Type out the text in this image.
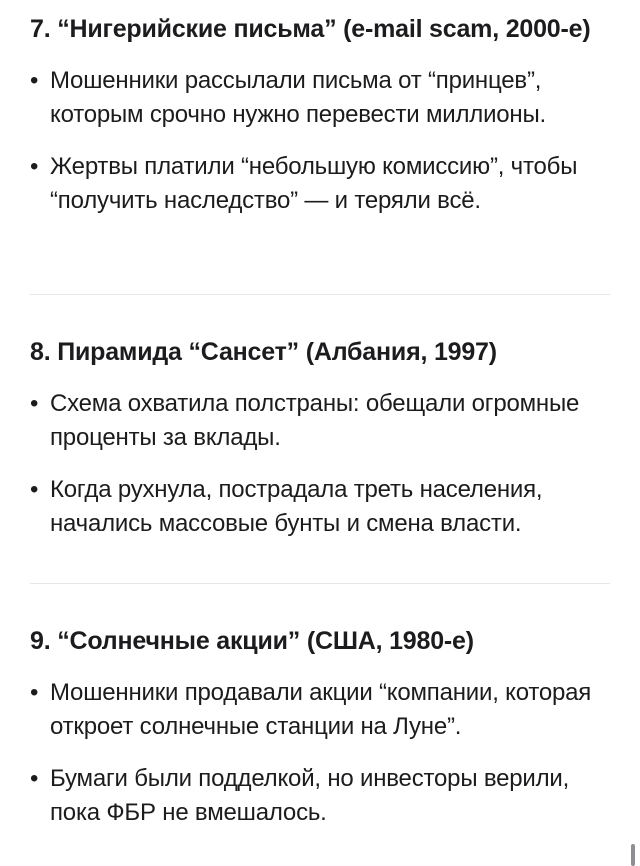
7. “Нигерийские письма” (e-mail scam, 2000-е)
• Мошенники рассылали письма от “принцев”, которым срочно нужно перевести миллионы.
• Жертвы платили “небольшую комиссию”, чтобы “получить наследство” — и теряли всё.
8. Пирамида “Сансет” (Албания, 1997)
• Схема охватила полстраны: обещали огромные проценты за вклады.
• Когда рухнула, пострадала треть населения, начались массовые бунты и смена власти.
9. “Солнечные акции” (США, 1980-е)
• Мошенники продавали акции “компании, которая откроет солнечные станции на Луне”.
• Бумаги были подделкой, но инвесторы верили, пока ФБР не вмешалось.
